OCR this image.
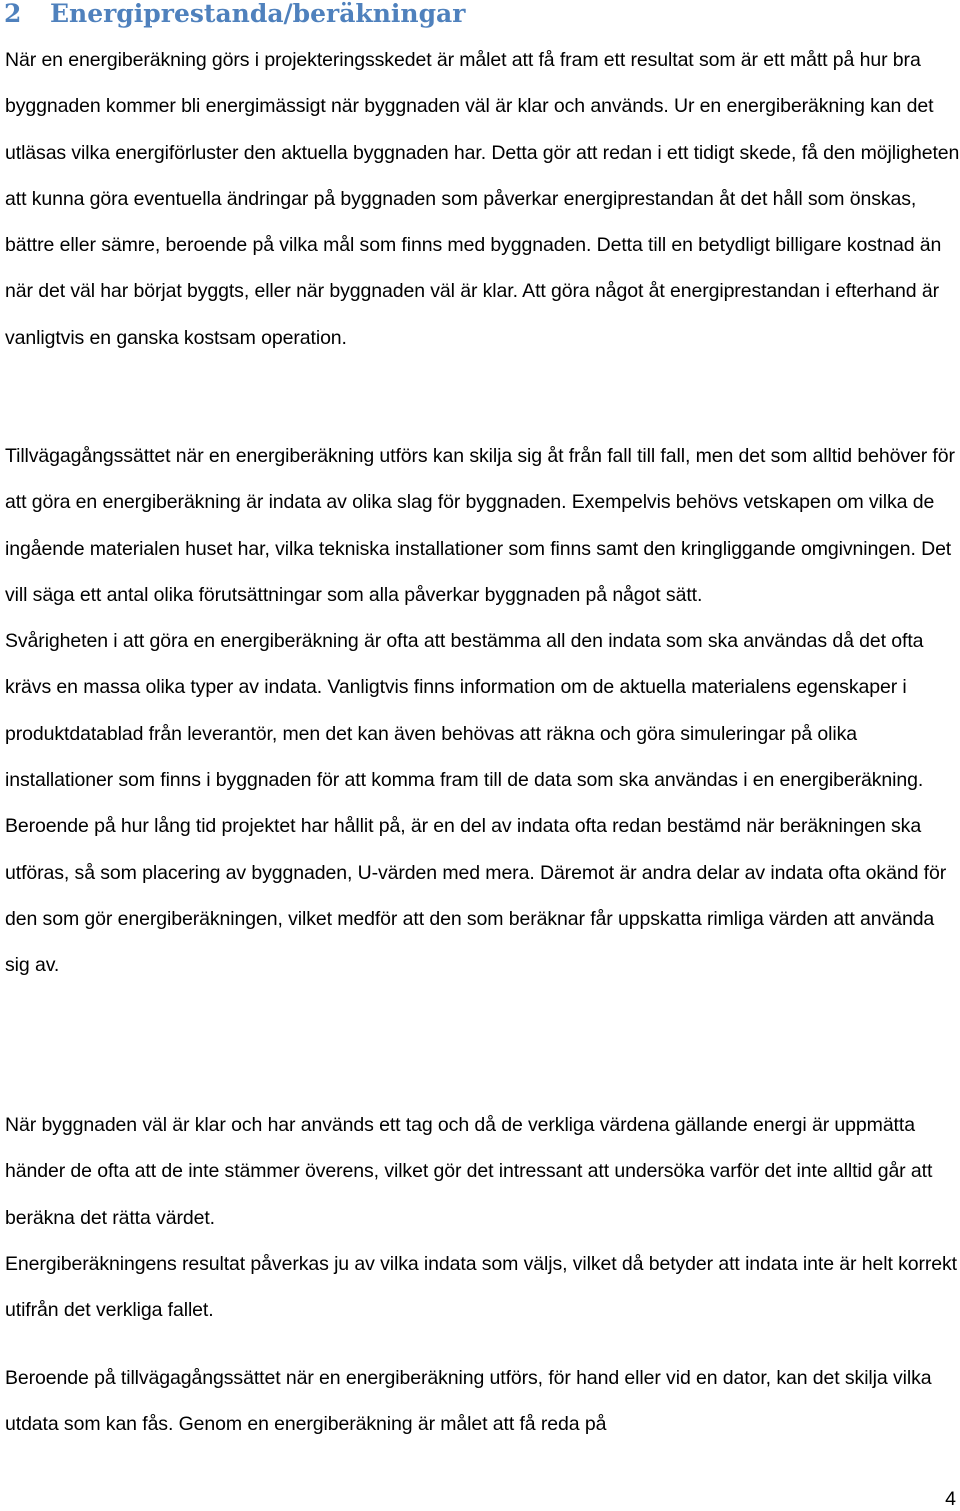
2 Energiprestanda/beräkningar

När en energiberäkning görs i projekteringsskedet är målet att få fram ett resultat som är ett mått på hur bra byggnaden kommer bli energimässigt när byggnaden väl är klar och används. Ur en energiberäkning kan det utläsas vilka energiförluster den aktuella byggnaden har. Detta gör att redan i ett tidigt skede, få den möjligheten att kunna göra eventuella ändringar på byggnaden som påverkar energiprestandan åt det håll som önskas, bättre eller sämre, beroende på vilka mål som finns med byggnaden. Detta till en betydligt billigare kostnad än när det väl har börjat byggts, eller när byggnaden väl är klar. Att göra något åt energiprestandan i efterhand är vanligtvis en ganska kostsam operation.

Tillvägagångssättet när en energiberäkning utförs kan skilja sig åt från fall till fall, men det som alltid behöver för att göra en energiberäkning är indata av olika slag för byggnaden. Exempelvis behövs vetskapen om vilka de ingående materialen huset har, vilka tekniska installationer som finns samt den kringliggande omgivningen. Det vill säga ett antal olika förutsättningar som alla påverkar byggnaden på något sätt.
Svårigheten i att göra en energiberäkning är ofta att bestämma all den indata som ska användas då det ofta krävs en massa olika typer av indata. Vanligtvis finns information om de aktuella materialens egenskaper i produktdatablad från leverantör, men det kan även behövas att räkna och göra simuleringar på olika installationer som finns i byggnaden för att komma fram till de data som ska användas i en energiberäkning.
Beroende på hur lång tid projektet har hållit på, är en del av indata ofta redan bestämd när beräkningen ska utföras, så som placering av byggnaden, U-värden med mera. Däremot är andra delar av indata ofta okänd för den som gör energiberäkningen, vilket medför att den som beräknar får uppskatta rimliga värden att använda sig av.
När byggnaden väl är klar och har används ett tag och då de verkliga värdena gällande energi är uppmätta händer de ofta att de inte stämmer överens, vilket gör det intressant att undersöka varför det inte alltid går att beräkna det rätta värdet.
Energiberäkningens resultat påverkas ju av vilka indata som väljs, vilket då betyder att indata inte är helt korrekt utifrån det verkliga fallet.

Beroende på tillvägagångssättet när en energiberäkning utförs, för hand eller vid en dator, kan det skilja vilka utdata som kan fås. Genom en energiberäkning är målet att få reda på

4
